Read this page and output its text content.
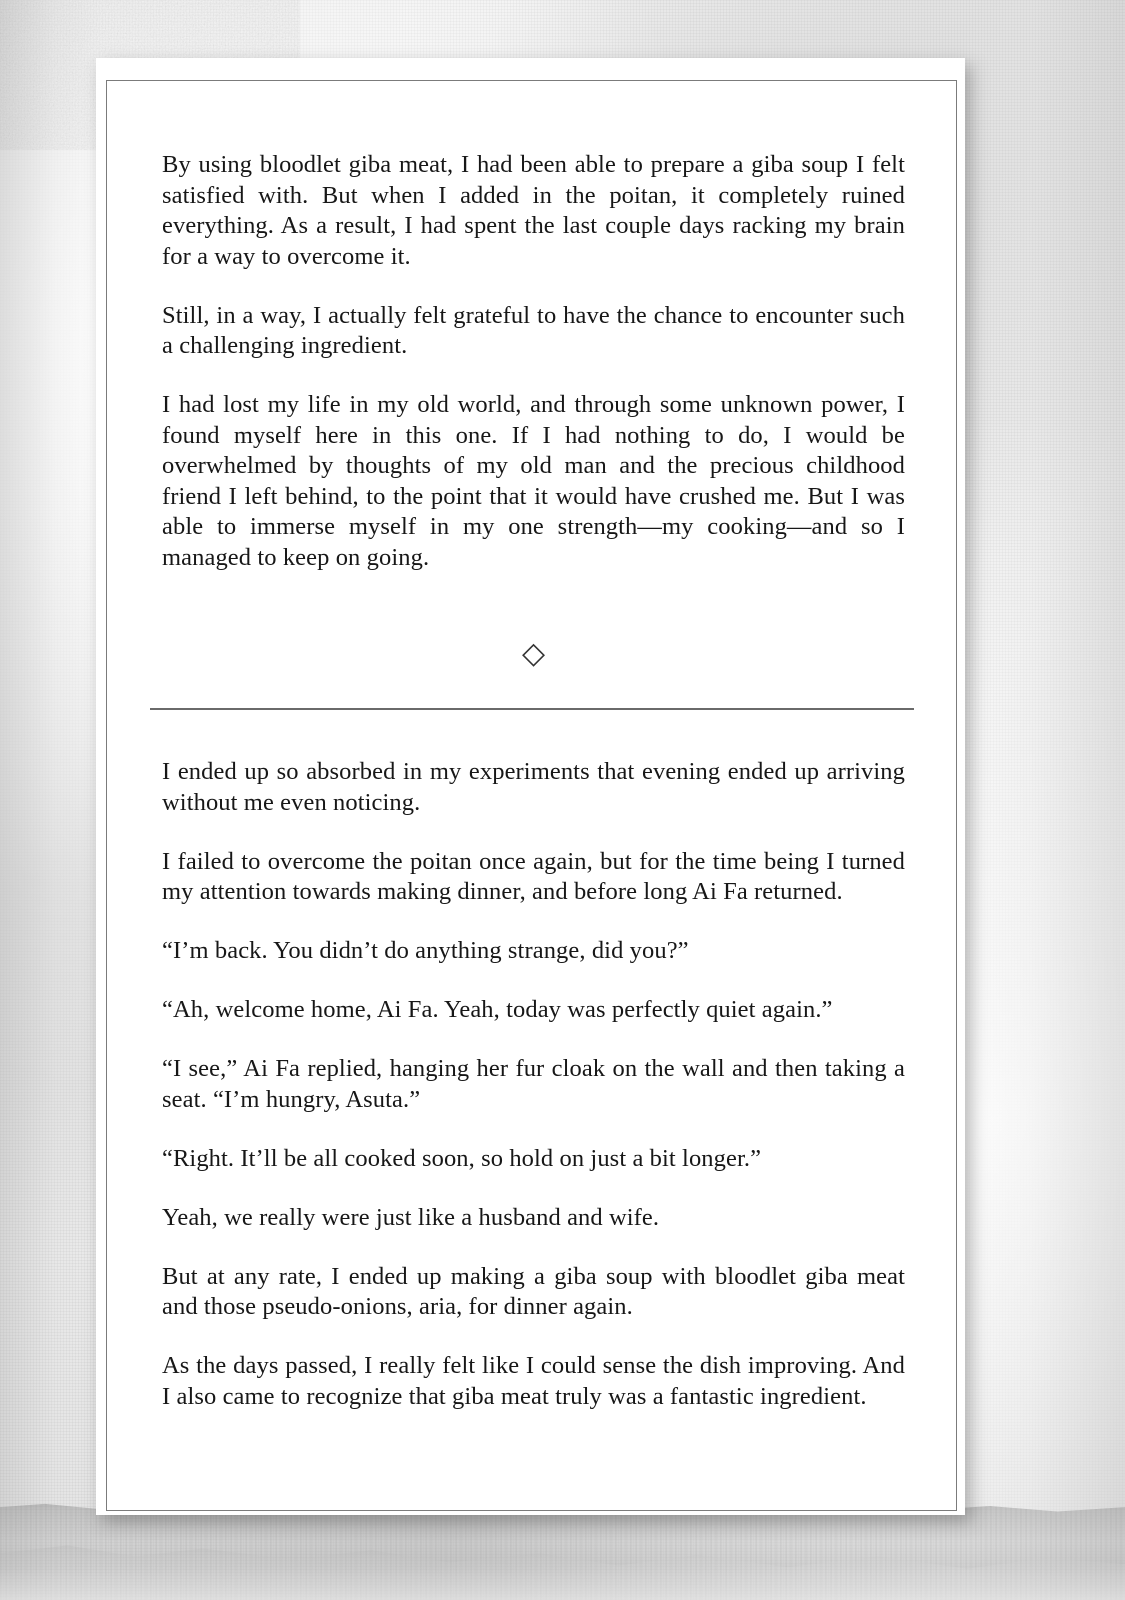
By using bloodlet giba meat, I had been able to prepare a giba soup I felt satisfied with. But when I added in the poitan, it completely ruined everything. As a result, I had spent the last couple days racking my brain for a way to overcome it.

Still, in a way, I actually felt grateful to have the chance to encounter such a challenging ingredient.

I had lost my life in my old world, and through some unknown power, I found myself here in this one. If I had nothing to do, I would be overwhelmed by thoughts of my old man and the precious childhood friend I left behind, to the point that it would have crushed me. But I was able to immerse myself in my one strength—my cooking—and so I managed to keep on going.

◇

I ended up so absorbed in my experiments that evening ended up arriving without me even noticing.

I failed to overcome the poitan once again, but for the time being I turned my attention towards making dinner, and before long Ai Fa returned.

“I’m back. You didn’t do anything strange, did you?”

“Ah, welcome home, Ai Fa. Yeah, today was perfectly quiet again.”

“I see,” Ai Fa replied, hanging her fur cloak on the wall and then taking a seat. “I’m hungry, Asuta.”

“Right. It’ll be all cooked soon, so hold on just a bit longer.”

Yeah, we really were just like a husband and wife.

But at any rate, I ended up making a giba soup with bloodlet giba meat and those pseudo-onions, aria, for dinner again.

As the days passed, I really felt like I could sense the dish improving. And I also came to recognize that giba meat truly was a fantastic ingredient.
